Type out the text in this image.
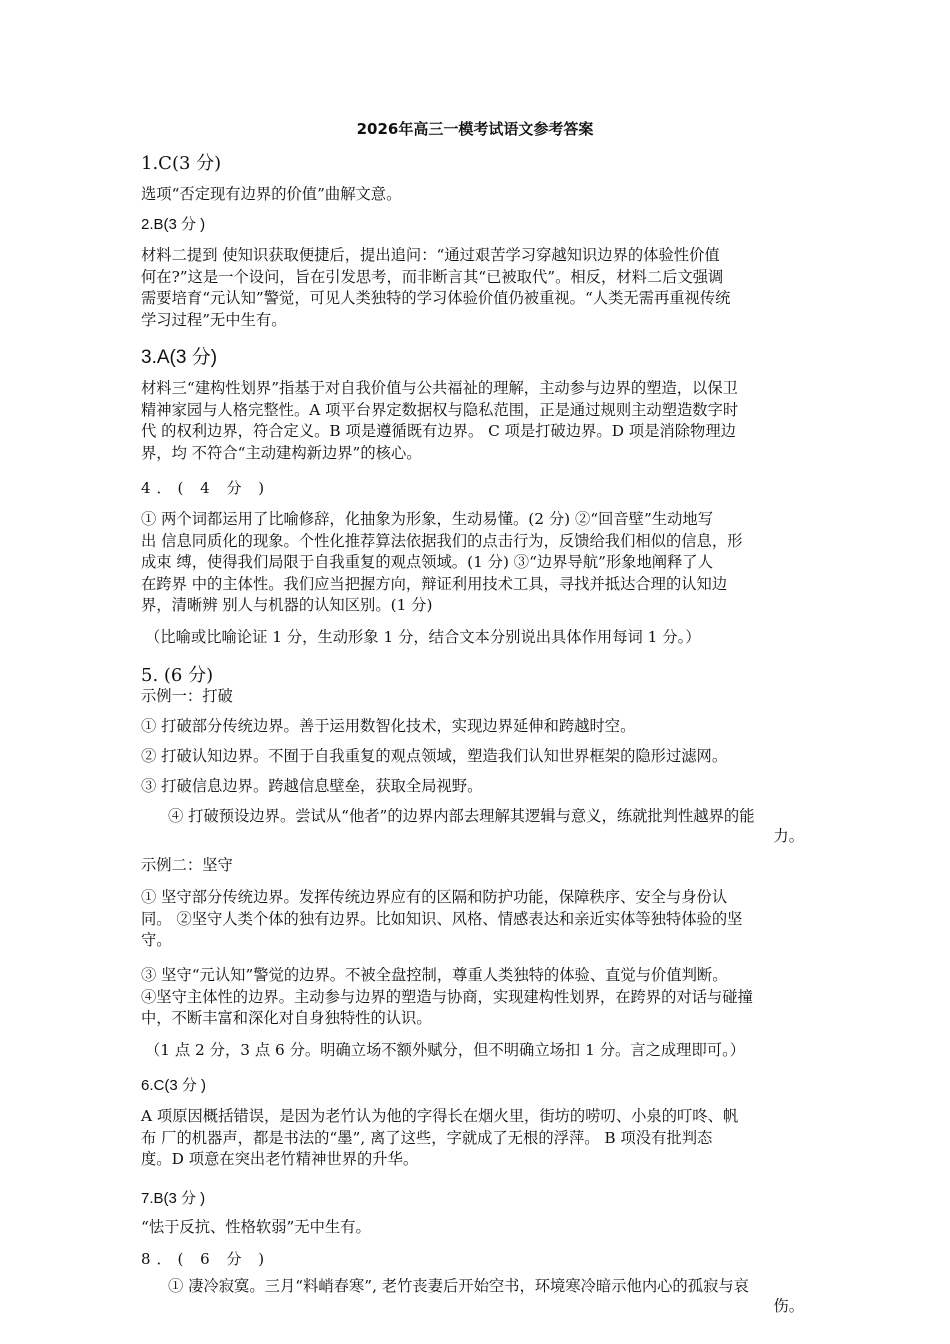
2026年高三一模考试语文参考答案
1.C(3 分)
选项“否定现有边界的价值”曲解文意。
2.B(3 分 )
材料二提到 使知识获取便捷后，提出追问：“通过艰苦学习穿越知识边界的体验性价值
何在?”这是一个设问，旨在引发思考，而非断言其“已被取代”。相反，材料二后文强调
需要培育“元认知”警觉，可见人类独特的学习体验价值仍被重视。“人类无需再重视传统
学习过程”无中生有。
3.A(3 分)
材料三“建构性划界”指基于对自我价值与公共福祉的理解，主动参与边界的塑造，以保卫
精神家园与人格完整性。A 项平台界定数据权与隐私范围，正是通过规则主动塑造数字时
代 的权利边界，符合定义。B 项是遵循既有边界。 C 项是打破边界。D 项是消除物理边
界，均 不符合“主动建构新边界”的核心。
4．( 4 分 )
① 两个词都运用了比喻修辞，化抽象为形象，生动易懂。(2 分) ②“回音壁”生动地写
出 信息同质化的现象。个性化推荐算法依据我们的点击行为，反馈给我们相似的信息，形
成束 缚，使得我们局限于自我重复的观点领域。(1 分) ③“边界导航”形象地阐释了人
在跨界 中的主体性。我们应当把握方向，辩证利用技术工具，寻找并抵达合理的认知边
界，清晰辨 别人与机器的认知区别。(1 分)
（比喻或比喻论证 1 分，生动形象 1 分，结合文本分别说出具体作用每词 1 分。）
5. (6 分)
示例一：打破
① 打破部分传统边界。善于运用数智化技术，实现边界延伸和跨越时空。
② 打破认知边界。不囿于自我重复的观点领域，塑造我们认知世界框架的隐形过滤网。
③ 打破信息边界。跨越信息壁垒，获取全局视野。
④ 打破预设边界。尝试从“他者”的边界内部去理解其逻辑与意义，练就批判性越界的能
力。
示例二：坚守
① 坚守部分传统边界。发挥传统边界应有的区隔和防护功能，保障秩序、安全与身份认
同。 ②坚守人类个体的独有边界。比如知识、风格、情感表达和亲近实体等独特体验的坚
守。
③ 坚守“元认知”警觉的边界。不被全盘控制，尊重人类独特的体验、直觉与价值判断。
④坚守主体性的边界。主动参与边界的塑造与协商，实现建构性划界，在跨界的对话与碰撞
中，不断丰富和深化对自身独特性的认识。
（1 点 2 分，3 点 6 分。明确立场不额外赋分，但不明确立场扣 1 分。言之成理即可。）
6.C(3 分 )
A 项原因概括错误，是因为老竹认为他的字得长在烟火里，街坊的唠叨、小泉的叮咚、帆
布 厂的机器声，都是书法的“墨”, 离了这些，字就成了无根的浮萍。 B 项没有批判态
度。D 项意在突出老竹精神世界的升华。
7.B(3 分 )
“怯于反抗、性格软弱”无中生有。
8．( 6 分 )
① 凄冷寂寞。三月“料峭春寒”, 老竹丧妻后开始空书，环境寒冷暗示他内心的孤寂与哀
伤。
